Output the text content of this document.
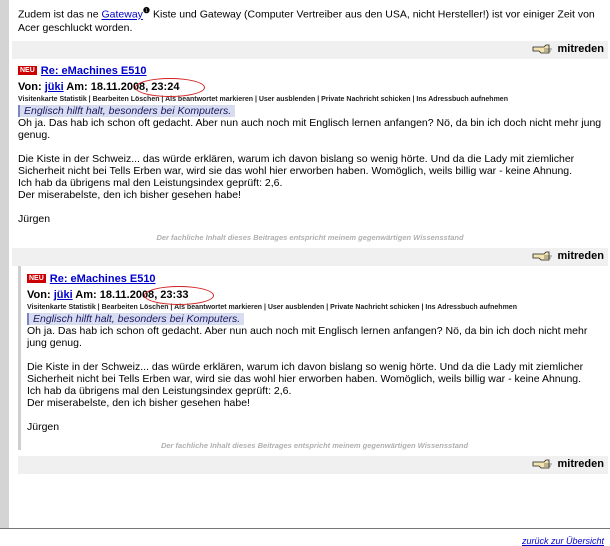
Zudem ist das ne Gateway$^❶$ Kiste und Gateway (Computer Vertreiber aus den USA, nicht Hersteller!) ist vor einiger Zeit von Acer geschluckt worden.
mitreden
NEU Re: eMachines E510
Von: jüki Am: 18.11.2008, 23:24
Visitenkarte Statistik | Bearbeiten Löschen | Als beantwortet markieren | User ausblenden | Private Nachricht schicken | Ins Adressbuch aufnehmen
Englisch hilft halt, besonders bei Komputers.
Oh ja. Das hab ich schon oft gedacht. Aber nun auch noch mit Englisch lernen anfangen? Nö, da bin ich doch nicht mehr jung genug.

Die Kiste in der Schweiz... das würde erklären, warum ich davon bislang so wenig hörte. Und da die Lady mit ziemlicher Sicherheit nicht bei Tells Erben war, wird sie das wohl hier erworben haben. Womöglich, weils billig war - keine Ahnung.
Ich hab da übrigens mal den Leistungsindex geprüft: 2,6.
Der miserabelste, den ich bisher gesehen habe!

Jürgen
Der fachliche Inhalt dieses Beitrages entspricht meinem gegenwärtigen Wissensstand
mitreden
NEU Re: eMachines E510
Von: jüki Am: 18.11.2008, 23:33
Visitenkarte Statistik | Bearbeiten Löschen | Als beantwortet markieren | User ausblenden | Private Nachricht schicken | Ins Adressbuch aufnehmen
Englisch hilft halt, besonders bei Komputers.
Oh ja. Das hab ich schon oft gedacht. Aber nun auch noch mit Englisch lernen anfangen? Nö, da bin ich doch nicht mehr jung genug.

Die Kiste in der Schweiz... das würde erklären, warum ich davon bislang so wenig hörte. Und da die Lady mit ziemlicher Sicherheit nicht bei Tells Erben war, wird sie das wohl hier erworben haben. Womöglich, weils billig war - keine Ahnung.
Ich hab da übrigens mal den Leistungsindex geprüft: 2,6.
Der miserabelste, den ich bisher gesehen habe!

Jürgen
Der fachliche Inhalt dieses Beitrages entspricht meinem gegenwärtigen Wissensstand
mitreden
zurück zur Übersicht
